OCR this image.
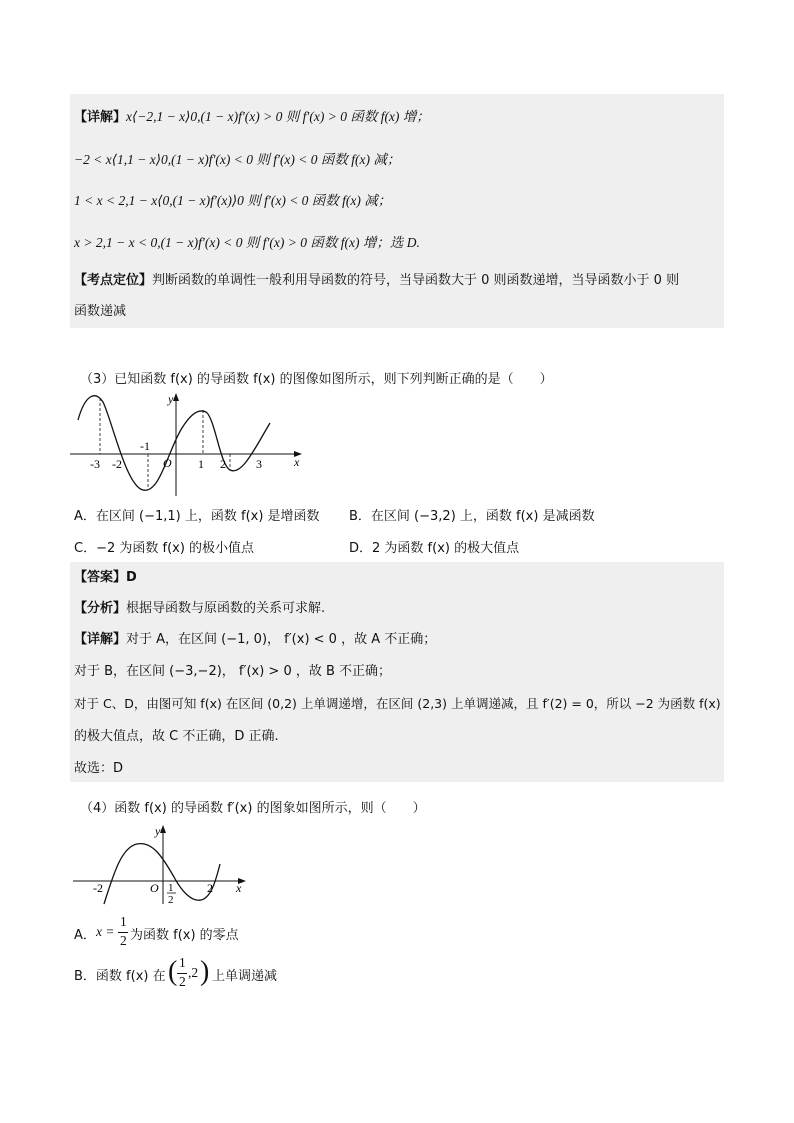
【详解】x⟨−2,1 − x⟩0,(1 − x)f′(x) > 0 则 f′(x) > 0 函数 f(x) 增；
−2 < x⟨1,1 − x⟩0,(1 − x)f′(x) < 0 则 f′(x) < 0 函数 f(x) 减；
1 < x < 2,1 − x⟨0,(1 − x)f′(x)⟩0 则 f′(x) < 0 函数 f(x) 减；
x > 2,1 − x < 0,(1 − x)f′(x) < 0 则 f′(x) > 0 函数 f(x) 增；选 D.
【考点定位】判断函数的单调性一般利用导函数的符号，当导函数大于 0 则函数递增，当导函数小于 0 则
函数递减
（3）已知函数 f(x) 的导函数 f(x) 的图像如图所示，则下列判断正确的是（　　）
y
x
O
-3 -2
-1
1 2	3
A．在区间 (−1,1) 上，函数 f(x) 是增函数 B．在区间 (−3,2) 上，函数 f(x) 是减函数
C．−2 为函数 f(x) 的极小值点	D．2 为函数 f(x) 的极大值点
【答案】D
【分析】根据导函数与原函数的关系可求解.
【详解】对于 A，在区间 (−1, 0)， f′(x) < 0 ，故 A 不正确；
对于 B，在区间 (−3,−2)， f′(x) > 0 ，故 B 不正确；
对于 C、D，由图可知 f(x) 在区间 (0,2) 上单调递增，在区间 (2,3) 上单调递减，且 f′(2) = 0，所以 −2 为函数 f(x)
的极大值点，故 C 不正确，D 正确.
故选：D
（4）函数 f(x) 的导函数 f′(x) 的图象如图所示，则（　　）
y
x
O
-2	1
2
2
A． x =
1
2 为函数 f(x) 的零点
B．函数 f(x) 在 ( 1
2
,2 ) 上单调递减
